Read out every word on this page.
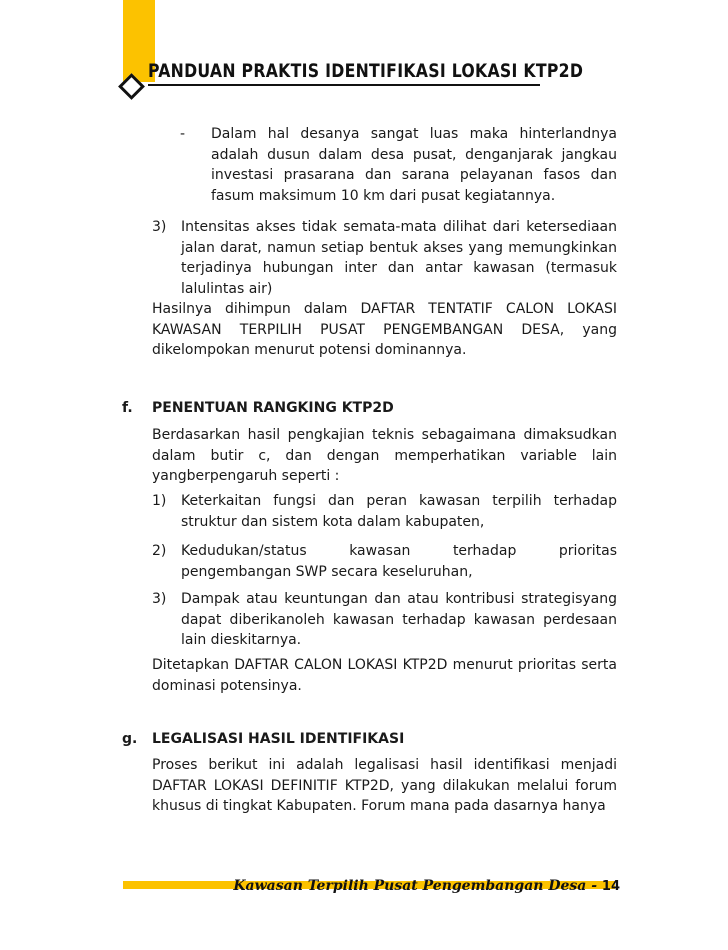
PANDUAN PRAKTIS IDENTIFIKASI LOKASI KTP2D
- Dalam hal desanya sangat luas maka hinterlandnya adalah dusun dalam desa pusat, denganjarak jangkau investasi prasarana dan sarana pelayanan fasos dan fasum maksimum 10 km dari pusat kegiatannya.

3) Intensitas akses tidak semata-mata dilihat dari ketersediaan jalan darat, namun setiap bentuk akses yang memungkinkan terjadinya hubungan inter dan antar kawasan (termasuk lalulintas air)

Hasilnya dihimpun dalam DAFTAR TENTATIF CALON LOKASI KAWASAN TERPILIH PUSAT PENGEMBANGAN DESA, yang dikelompokan menurut potensi dominannya.

f. PENENTUAN RANGKING KTP2D

Berdasarkan hasil pengkajian teknis sebagaimana dimaksudkan dalam butir c, dan dengan memperhatikan variable lain yangberpengaruh seperti :

1) Keterkaitan fungsi dan peran kawasan terpilih terhadap struktur dan sistem kota dalam kabupaten,

2) Kedudukan/status kawasan terhadap prioritas pengembangan SWP secara keseluruhan,

3) Dampak atau keuntungan dan atau kontribusi strategisyang dapat diberikanoleh kawasan terhadap kawasan perdesaan lain dieskitarnya.

Ditetapkan DAFTAR CALON LOKASI KTP2D menurut prioritas serta dominasi potensinya.

g. LEGALISASI HASIL IDENTIFIKASI

Proses berikut ini adalah legalisasi hasil identifikasi menjadi DAFTAR LOKASI DEFINITIF KTP2D, yang dilakukan melalui forum khusus di tingkat Kabupaten. Forum mana pada dasarnya hanya

Kawasan Terpilih Pusat Pengembangan Desa - 14
